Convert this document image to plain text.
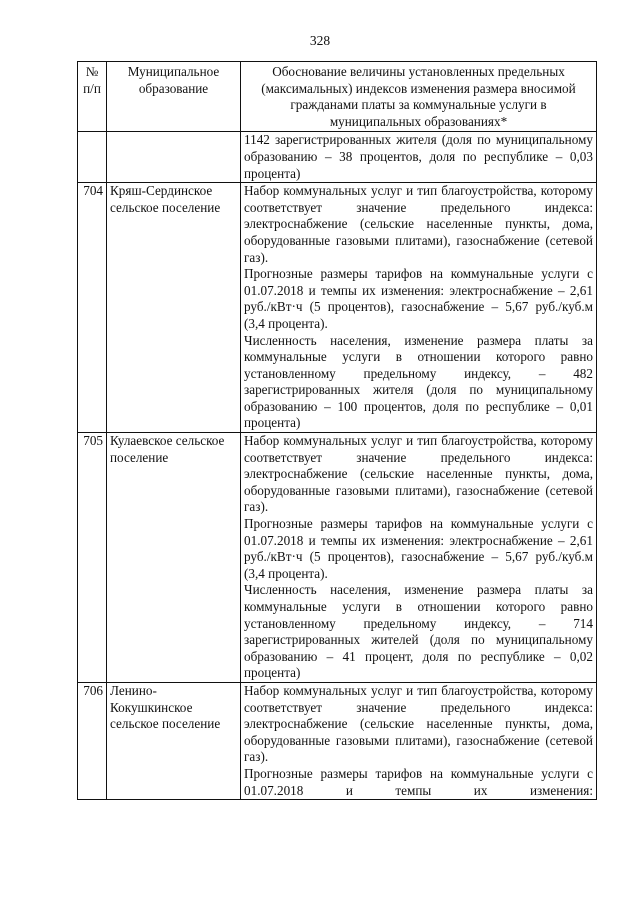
328
№ п/п	Муниципальное образование	Обоснование величины установленных предельных (максимальных) индексов изменения размера вносимой гражданами платы за коммунальные услуги в муниципальных образованиях*
		1142 зарегистрированных жителя (доля по муниципальному образованию – 38 процентов, доля по республике – 0,03 процента)
704	Кряш-Сердинское сельское поселение	Набор коммунальных услуг и тип благоустройства, которому соответствует значение предельного индекса: электроснабжение (сельские населенные пункты, дома, оборудованные газовыми плитами), газоснабжение (сетевой газ).
Прогнозные размеры тарифов на коммунальные услуги с 01.07.2018 и темпы их изменения: электроснабжение – 2,61 руб./кВт·ч (5 процентов), газоснабжение – 5,67 руб./куб.м (3,4 процента).
Численность населения, изменение размера платы за коммунальные услуги в отношении которого равно установленному предельному индексу, – 482 зарегистрированных жителя (доля по муниципальному образованию – 100 процентов, доля по республике – 0,01 процента)

705	Кулаевское сельское поселение	Набор коммунальных услуг и тип благоустройства, которому соответствует значение предельного индекса: электроснабжение (сельские населенные пункты, дома, оборудованные газовыми плитами), газоснабжение (сетевой газ).
Прогнозные размеры тарифов на коммунальные услуги с 01.07.2018 и темпы их изменения: электроснабжение – 2,61 руб./кВт·ч (5 процентов), газоснабжение – 5,67 руб./куб.м (3,4 процента).
Численность населения, изменение размера платы за коммунальные услуги в отношении которого равно установленному предельному индексу, – 714 зарегистрированных жителей (доля по муниципальному образованию – 41 процент, доля по республике – 0,02 процента)

706	Ленино-Кокушкинское сельское поселение	Набор коммунальных услуг и тип благоустройства, которому соответствует значение предельного индекса: электроснабжение (сельские населенные пункты, дома, оборудованные газовыми плитами), газоснабжение (сетевой газ).
Прогнозные размеры тарифов на коммунальные услуги с 01.07.2018 и темпы их изменения:
